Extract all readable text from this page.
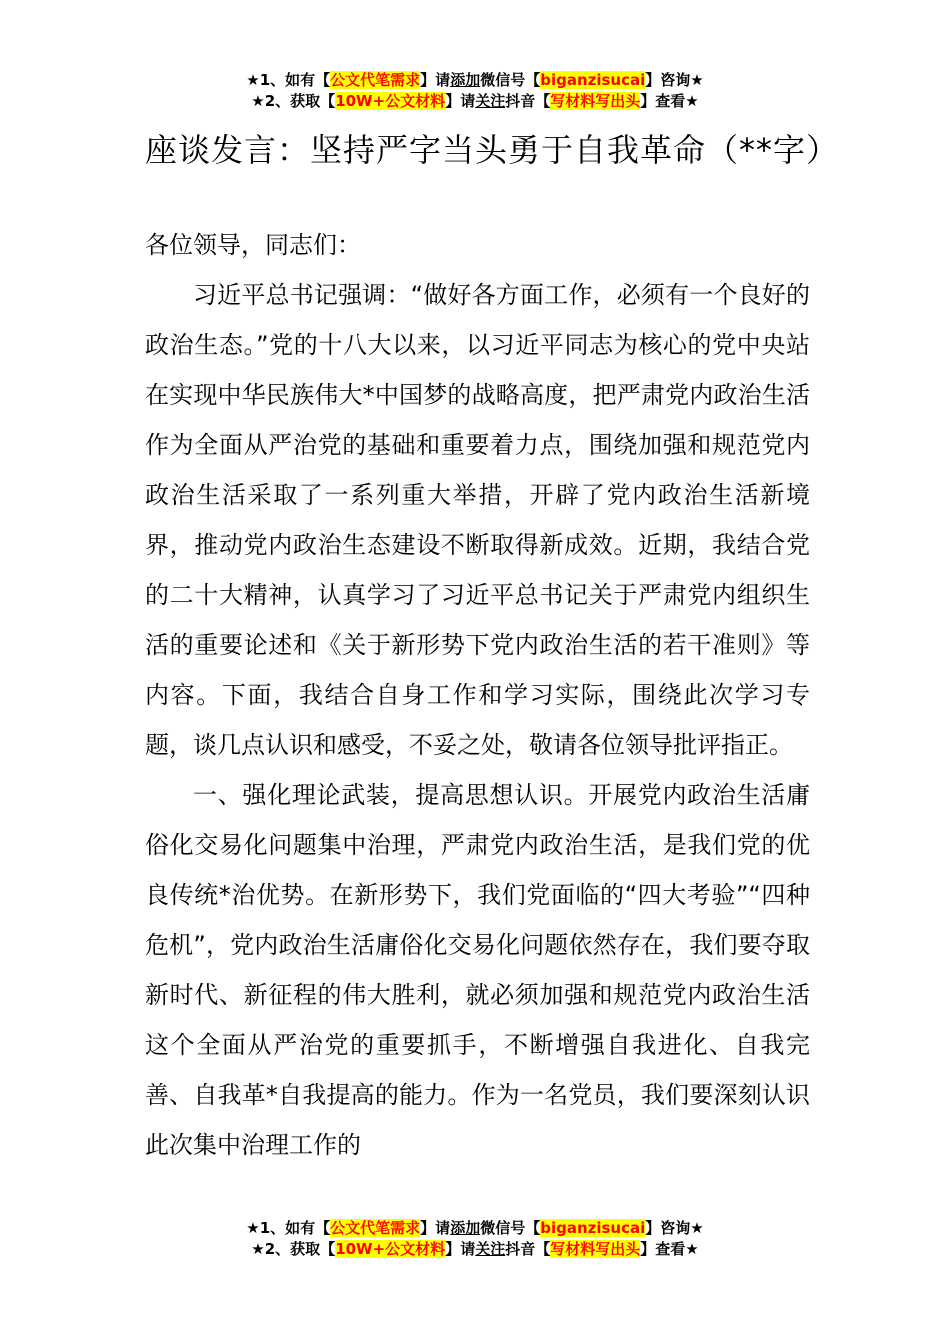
★1、如有【公文代笔需求】请添加微信号【biganzisucai】咨询★
★2、获取【10W+公文材料】请关注抖音【写材料写出头】查看★
座谈发言：坚持严字当头勇于自我革命（**字）

各位领导，同志们：

习近平总书记强调：“做好各方面工作，必须有一个良好的政治生态。”党的十八大以来，以习近平同志为核心的党中央站在实现中华民族伟大*中国梦的战略高度，把严肃党内政治生活作为全面从严治党的基础和重要着力点，围绕加强和规范党内政治生活采取了一系列重大举措，开辟了党内政治生活新境界，推动党内政治生态建设不断取得新成效。近期，我结合党的二十大精神，认真学习了习近平总书记关于严肃党内组织生活的重要论述和《关于新形势下党内政治生活的若干准则》等内容。下面，我结合自身工作和学习实际，围绕此次学习专题，谈几点认识和感受，不妥之处，敬请各位领导批评指正。

一、强化理论武装，提高思想认识。开展党内政治生活庸俗化交易化问题集中治理，严肃党内政治生活，是我们党的优良传统*治优势。在新形势下，我们党面临的“四大考验”“四种危机”，党内政治生活庸俗化交易化问题依然存在，我们要夺取新时代、新征程的伟大胜利，就必须加强和规范党内政治生活这个全面从严治党的重要抓手，不断增强自我进化、自我完善、自我革*自我提高的能力。作为一名党员，我们要深刻认识此次集中治理工作的

★1、如有【公文代笔需求】请添加微信号【biganzisucai】咨询★
★2、获取【10W+公文材料】请关注抖音【写材料写出头】查看★
